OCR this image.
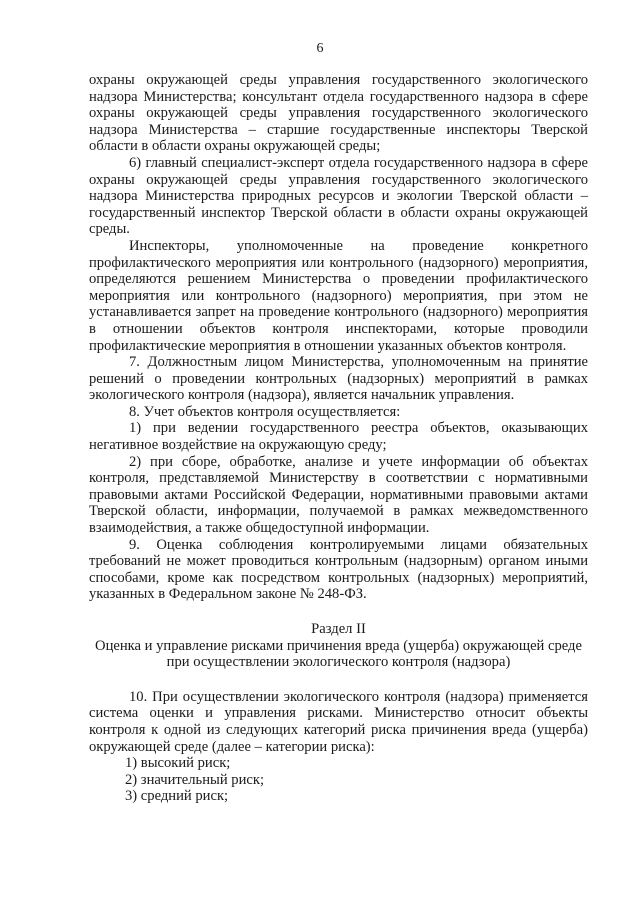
6

охраны окружающей среды управления государственного экологического надзора Министерства; консультант отдела государственного надзора в сфере охраны окружающей среды управления государственного экологического надзора Министерства – старшие государственные инспекторы Тверской области в области охраны окружающей среды;

6) главный специалист-эксперт отдела государственного надзора в сфере охраны окружающей среды управления государственного экологического надзора Министерства природных ресурсов и экологии Тверской области – государственный инспектор Тверской области в области охраны окружающей среды.

Инспекторы, уполномоченные на проведение конкретного профилактического мероприятия или контрольного (надзорного) мероприятия, определяются решением Министерства о проведении профилактического мероприятия или контрольного (надзорного) мероприятия, при этом не устанавливается запрет на проведение контрольного (надзорного) мероприятия в отношении объектов контроля инспекторами, которые проводили профилактические мероприятия в отношении указанных объектов контроля.

7. Должностным лицом Министерства, уполномоченным на принятие решений о проведении контрольных (надзорных) мероприятий в рамках экологического контроля (надзора), является начальник управления.

8. Учет объектов контроля осуществляется:

1) при ведении государственного реестра объектов, оказывающих негативное воздействие на окружающую среду;

2) при сборе, обработке, анализе и учете информации об объектах контроля, представляемой Министерству в соответствии с нормативными правовыми актами Российской Федерации, нормативными правовыми актами Тверской области, информации, получаемой в рамках межведомственного взаимодействия, а также общедоступной информации.

9. Оценка соблюдения контролируемыми лицами обязательных требований не может проводиться контрольным (надзорным) органом иными способами, кроме как посредством контрольных (надзорных) мероприятий, указанных в Федеральном законе № 248-ФЗ.

Раздел II

Оценка и управление рисками причинения вреда (ущерба) окружающей среде при осуществлении экологического контроля (надзора)

10. При осуществлении экологического контроля (надзора) применяется система оценки и управления рисками. Министерство относит объекты контроля к одной из следующих категорий риска причинения вреда (ущерба) окружающей среде (далее – категории риска):

1) высокий риск;

2) значительный риск;

3) средний риск;
